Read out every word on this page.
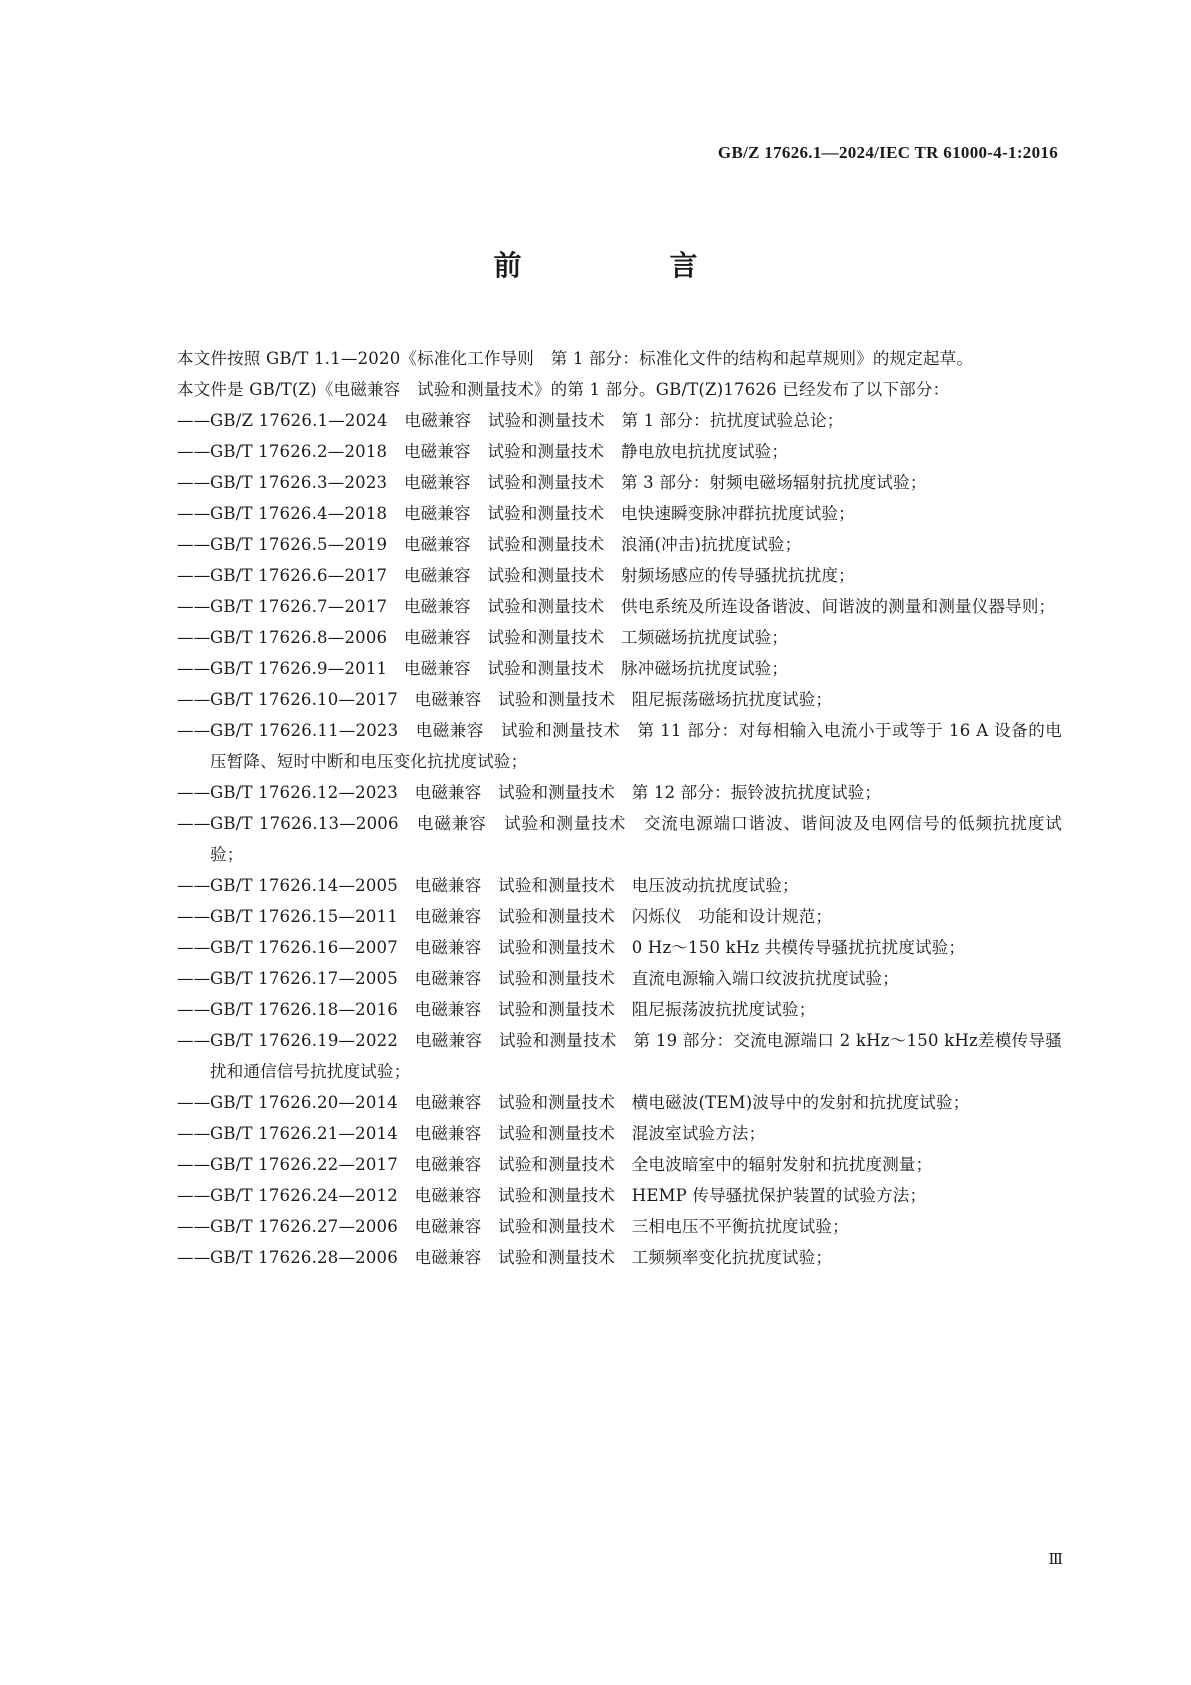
GB/Z 17626.1—2024/IEC TR 61000-4-1:2016
前　言

本文件按照 GB/T 1.1—2020《标准化工作导则　第 1 部分：标准化文件的结构和起草规则》的规定起草。

本文件是 GB/T(Z)《电磁兼容　试验和测量技术》的第 1 部分。GB/T(Z)17626 已经发布了以下部分：

——GB/Z 17626.1—2024　电磁兼容　试验和测量技术　第 1 部分：抗扰度试验总论；
——GB/T 17626.2—2018　电磁兼容　试验和测量技术　静电放电抗扰度试验；
——GB/T 17626.3—2023　电磁兼容　试验和测量技术　第 3 部分：射频电磁场辐射抗扰度试验；
——GB/T 17626.4—2018　电磁兼容　试验和测量技术　电快速瞬变脉冲群抗扰度试验；
——GB/T 17626.5—2019　电磁兼容　试验和测量技术　浪涌(冲击)抗扰度试验；
——GB/T 17626.6—2017　电磁兼容　试验和测量技术　射频场感应的传导骚扰抗扰度；
——GB/T 17626.7—2017　电磁兼容　试验和测量技术　供电系统及所连设备谐波、间谐波的测量和测量仪器导则；
——GB/T 17626.8—2006　电磁兼容　试验和测量技术　工频磁场抗扰度试验；
——GB/T 17626.9—2011　电磁兼容　试验和测量技术　脉冲磁场抗扰度试验；
——GB/T 17626.10—2017　电磁兼容　试验和测量技术　阻尼振荡磁场抗扰度试验；
——GB/T 17626.11—2023　电磁兼容　试验和测量技术　第 11 部分：对每相输入电流小于或等于 16 A 设备的电压暂降、短时中断和电压变化抗扰度试验；
——GB/T 17626.12—2023　电磁兼容　试验和测量技术　第 12 部分：振铃波抗扰度试验；
——GB/T 17626.13—2006　电磁兼容　试验和测量技术　交流电源端口谐波、谐间波及电网信号的低频抗扰度试验；
——GB/T 17626.14—2005　电磁兼容　试验和测量技术　电压波动抗扰度试验；
——GB/T 17626.15—2011　电磁兼容　试验和测量技术　闪烁仪　功能和设计规范；
——GB/T 17626.16—2007　电磁兼容　试验和测量技术　0 Hz～150 kHz 共模传导骚扰抗扰度试验；
——GB/T 17626.17—2005　电磁兼容　试验和测量技术　直流电源输入端口纹波抗扰度试验；
——GB/T 17626.18—2016　电磁兼容　试验和测量技术　阻尼振荡波抗扰度试验；
——GB/T 17626.19—2022　电磁兼容　试验和测量技术　第 19 部分：交流电源端口 2 kHz～150 kHz差模传导骚扰和通信信号抗扰度试验；
——GB/T 17626.20—2014　电磁兼容　试验和测量技术　横电磁波(TEM)波导中的发射和抗扰度试验；
——GB/T 17626.21—2014　电磁兼容　试验和测量技术　混波室试验方法；
——GB/T 17626.22—2017　电磁兼容　试验和测量技术　全电波暗室中的辐射发射和抗扰度测量；
——GB/T 17626.24—2012　电磁兼容　试验和测量技术　HEMP 传导骚扰保护装置的试验方法；
——GB/T 17626.27—2006　电磁兼容　试验和测量技术　三相电压不平衡抗扰度试验；
——GB/T 17626.28—2006　电磁兼容　试验和测量技术　工频频率变化抗扰度试验；
Ⅲ
